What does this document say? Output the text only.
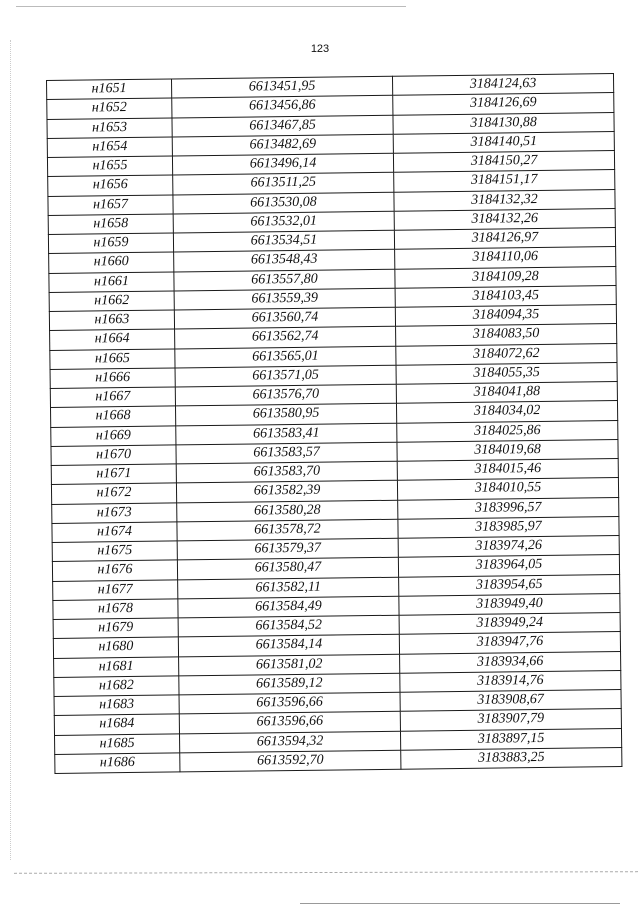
123
н1651	6613451,95	3184124,63
н1652	6613456,86	3184126,69
н1653	6613467,85	3184130,88
н1654	6613482,69	3184140,51
н1655	6613496,14	3184150,27
н1656	6613511,25	3184151,17
н1657	6613530,08	3184132,32
н1658	6613532,01	3184132,26
н1659	6613534,51	3184126,97
н1660	6613548,43	3184110,06
н1661	6613557,80	3184109,28
н1662	6613559,39	3184103,45
н1663	6613560,74	3184094,35
н1664	6613562,74	3184083,50
н1665	6613565,01	3184072,62
н1666	6613571,05	3184055,35
н1667	6613576,70	3184041,88
н1668	6613580,95	3184034,02
н1669	6613583,41	3184025,86
н1670	6613583,57	3184019,68
н1671	6613583,70	3184015,46
н1672	6613582,39	3184010,55
н1673	6613580,28	3183996,57
н1674	6613578,72	3183985,97
н1675	6613579,37	3183974,26
н1676	6613580,47	3183964,05
н1677	6613582,11	3183954,65
н1678	6613584,49	3183949,40
н1679	6613584,52	3183949,24
н1680	6613584,14	3183947,76
н1681	6613581,02	3183934,66
н1682	6613589,12	3183914,76
н1683	6613596,66	3183908,67
н1684	6613596,66	3183907,79
н1685	6613594,32	3183897,15
н1686	6613592,70	3183883,25
